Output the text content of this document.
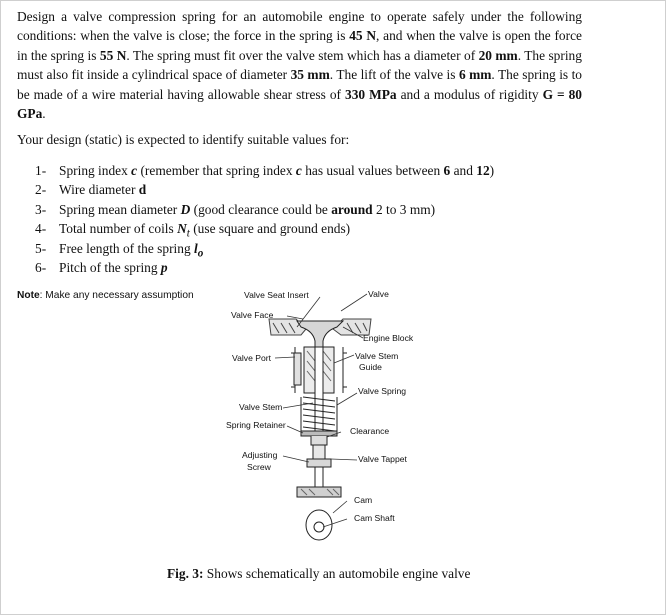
Design a valve compression spring for an automobile engine to operate safely under the following conditions: when the valve is close; the force in the spring is 45 N, and when the valve is open the force in the spring is 55 N. The spring must fit over the valve stem which has a diameter of 20 mm. The spring must also fit inside a cylindrical space of diameter 35 mm. The lift of the valve is 6 mm. The spring is to be made of a wire material having allowable shear stress of 330 MPa and a modulus of rigidity G = 80 GPa.

Your design (static) is expected to identify suitable values for:

1- Spring index c (remember that spring index c has usual values between 6 and 12)
2- Wire diameter d
3- Spring mean diameter D (good clearance could be around 2 to 3 mm)
4- Total number of coils $N_t$ (use square and ground ends)
5- Free length of the spring $l_o$
6- Pitch of the spring p

Note: Make any necessary assumption	Valve Seat Insert	Valve

Valve Face

Engine Block

Valve Port	Valve Stem

Guide

Valve Spring

Valve Stem

Spring Retainer

Clearance

Adjusting

Screw

Valve Tappet

Cam

Cam Shaft

Fig. 3: Shows schematically an automobile engine valve
